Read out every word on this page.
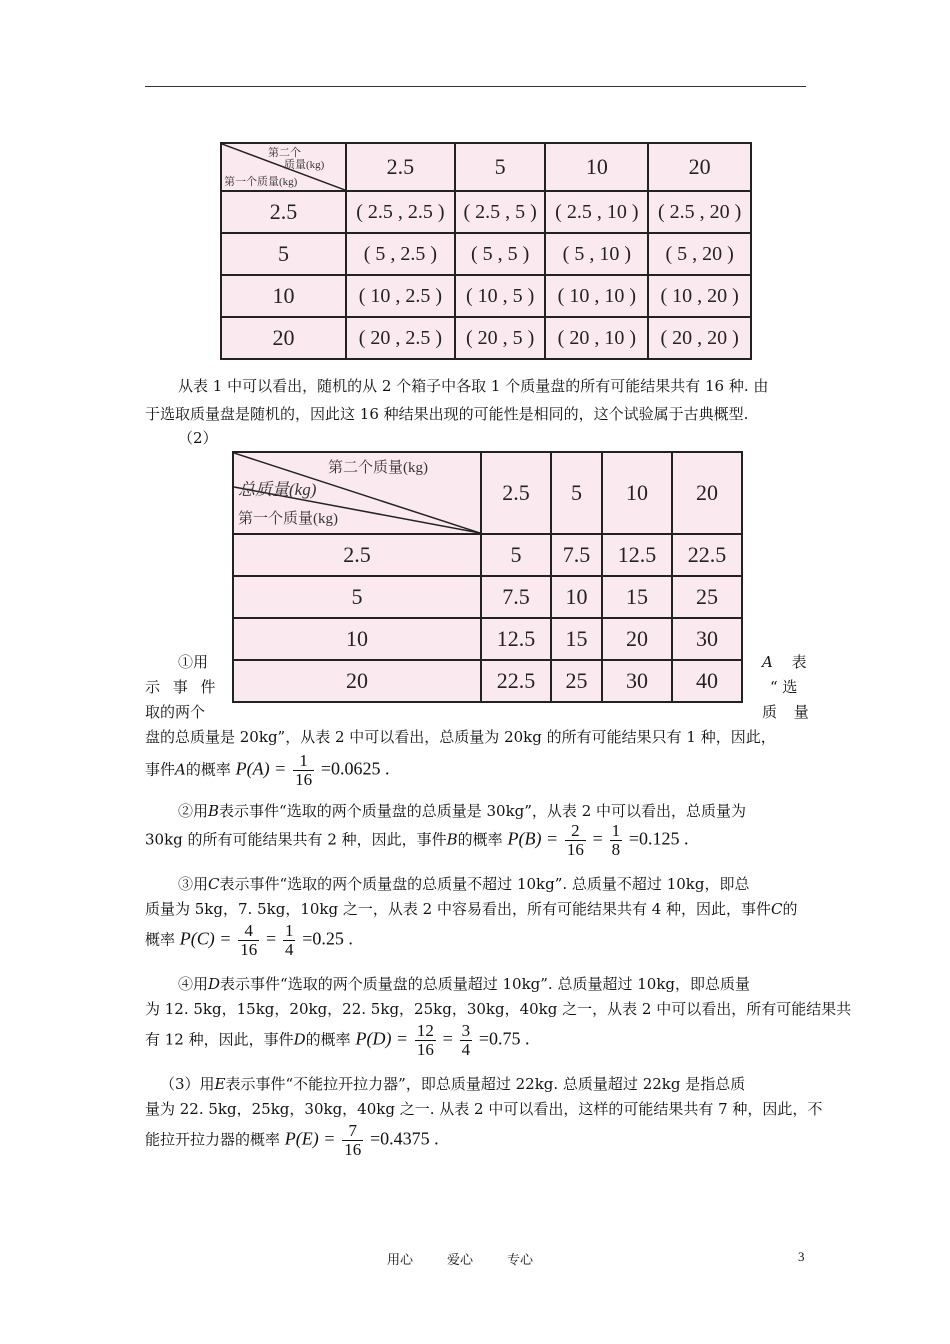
第二个
质量(kg)
第一个质量(kg)	2.5	5	10	20
2.5	( 2.5 , 2.5 )	( 2.5 , 5 )	( 2.5 , 10 )	( 2.5 , 20 )
5	( 5 , 2.5 )	( 5 , 5 )	( 5 , 10 )	( 5 , 20 )
10	( 10 , 2.5 )	( 10 , 5 )	( 10 , 10 )	( 10 , 20 )
20	( 20 , 2.5 )	( 20 , 5 )	( 20 , 10 )	( 20 , 20 )
从表 1 中可以看出，随机的从 2 个箱子中各取 1 个质量盘的所有可能结果共有 16 种. 由
于选取质量盘是随机的，因此这 16 种结果出现的可能性是相同的，这个试验属于古典概型.
（2）
第二个质量(kg)
总质量(kg)
第一个质量(kg)	2.5	5	10	20
2.5	5	7.5	12.5	22.5
5	7.5	10	15	25
10	12.5	15	20	30
20	22.5	25	30	40
①用
示 事 件
取的两个
A 表
“ 选
质 量
盘的总质量是 20kg”，从表 2 中可以看出，总质量为 20kg 的所有可能结果只有 1 种，因此，
事件A的概率 $P(A) = \frac{1}{16} =0.0625$ .
②用B表示事件“选取的两个质量盘的总质量是 30kg”，从表 2 中可以看出，总质量为
30kg 的所有可能结果共有 2 种，因此，事件B的概率 $P(B) = \frac{2}{16} = \frac{1}{8} =0.125$ .
③用C表示事件“选取的两个质量盘的总质量不超过 10kg”. 总质量不超过 10kg，即总
质量为 5kg，7. 5kg，10kg 之一，从表 2 中容易看出，所有可能结果共有 4 种，因此，事件C的
概率 $P(C) = \frac{4}{16} = \frac{1}{4} =0.25$ .
④用D表示事件“选取的两个质量盘的总质量超过 10kg”. 总质量超过 10kg，即总质量
为 12. 5kg，15kg，20kg，22. 5kg，25kg，30kg，40kg 之一，从表 2 中可以看出，所有可能结果共
有 12 种，因此，事件D的概率 $P(D) = \frac{12}{16} = \frac{3}{4} =0.75$ .
（3）用E表示事件“不能拉开拉力器”，即总质量超过 22kg. 总质量超过 22kg 是指总质
量为 22. 5kg，25kg，30kg，40kg 之一. 从表 2 中可以看出，这样的可能结果共有 7 种，因此，不
能拉开拉力器的概率 $P(E) = \frac{7}{16} =0.4375$ .
用心	爱心	专心	3
